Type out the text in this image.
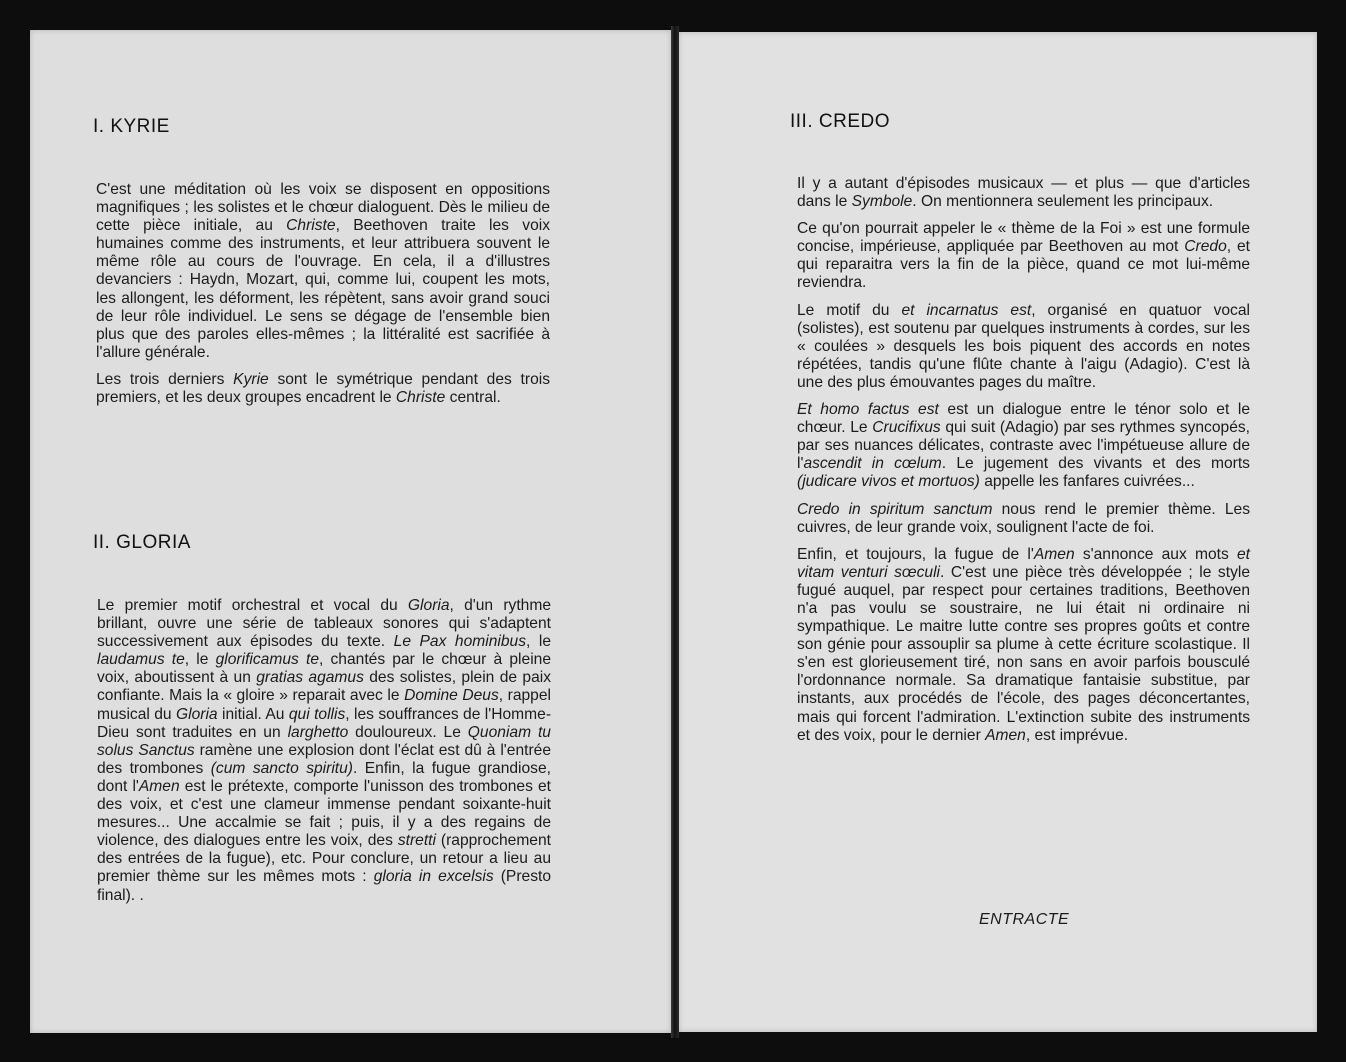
I. KYRIE

C'est une méditation où les voix se disposent en oppositions magnifiques ; les solistes et le chœur dialoguent. Dès le milieu de cette pièce initiale, au Christe, Beethoven traite les voix humaines comme des instruments, et leur attribuera souvent le même rôle au cours de l'ouvrage. En cela, il a d'illustres devanciers : Haydn, Mozart, qui, comme lui, coupent les mots, les allongent, les déforment, les répètent, sans avoir grand souci de leur rôle individuel. Le sens se dégage de l'ensemble bien plus que des paroles elles-mêmes ; la littéralité est sacrifiée à l'allure générale.

Les trois derniers Kyrie sont le symétrique pendant des trois premiers, et les deux groupes encadrent le Christe central.

II. GLORIA

Le premier motif orchestral et vocal du Gloria, d'un rythme brillant, ouvre une série de tableaux sonores qui s'adaptent successivement aux épisodes du texte. Le Pax hominibus, le laudamus te, le glorificamus te, chantés par le chœur à pleine voix, aboutissent à un gratias agamus des solistes, plein de paix confiante. Mais la « gloire » reparait avec le Domine Deus, rappel musical du Gloria initial. Au qui tollis, les souffrances de l'Homme-Dieu sont traduites en un larghetto douloureux. Le Quoniam tu solus Sanctus ramène une explosion dont l'éclat est dû à l'entrée des trombones (cum sancto spiritu). Enfin, la fugue grandiose, dont l'Amen est le prétexte, comporte l'unisson des trombones et des voix, et c'est une clameur immense pendant soixante-huit mesures... Une accalmie se fait ; puis, il y a des regains de violence, des dialogues entre les voix, des stretti (rapprochement des entrées de la fugue), etc. Pour conclure, un retour a lieu au premier thème sur les mêmes mots : gloria in excelsis (Presto final). .

III. CREDO

Il y a autant d'épisodes musicaux — et plus — que d'articles dans le Symbole. On mentionnera seulement les principaux.

Ce qu'on pourrait appeler le « thème de la Foi » est une formule concise, impérieuse, appliquée par Beethoven au mot Credo, et qui reparaitra vers la fin de la pièce, quand ce mot lui-même reviendra.

Le motif du et incarnatus est, organisé en quatuor vocal (solistes), est soutenu par quelques instruments à cordes, sur les « coulées » desquels les bois piquent des accords en notes répétées, tandis qu'une flûte chante à l'aigu (Adagio). C'est là une des plus émouvantes pages du maître.

Et homo factus est est un dialogue entre le ténor solo et le chœur. Le Crucifixus qui suit (Adagio) par ses rythmes syncopés, par ses nuances délicates, contraste avec l'impétueuse allure de l'ascendit in cœlum. Le jugement des vivants et des morts (judicare vivos et mortuos) appelle les fanfares cuivrées...

Credo in spiritum sanctum nous rend le premier thème. Les cuivres, de leur grande voix, soulignent l'acte de foi.

Enfin, et toujours, la fugue de l'Amen s'annonce aux mots et vitam venturi sœculi. C'est une pièce très développée ; le style fugué auquel, par respect pour certaines traditions, Beethoven n'a pas voulu se soustraire, ne lui était ni ordinaire ni sympathique. Le maitre lutte contre ses propres goûts et contre son génie pour assouplir sa plume à cette écriture scolastique. Il s'en est glorieusement tiré, non sans en avoir parfois bousculé l'ordonnance normale. Sa dramatique fantaisie substitue, par instants, aux procédés de l'école, des pages déconcertantes, mais qui forcent l'admiration. L'extinction subite des instruments et des voix, pour le dernier Amen, est imprévue.

ENTRACTE
